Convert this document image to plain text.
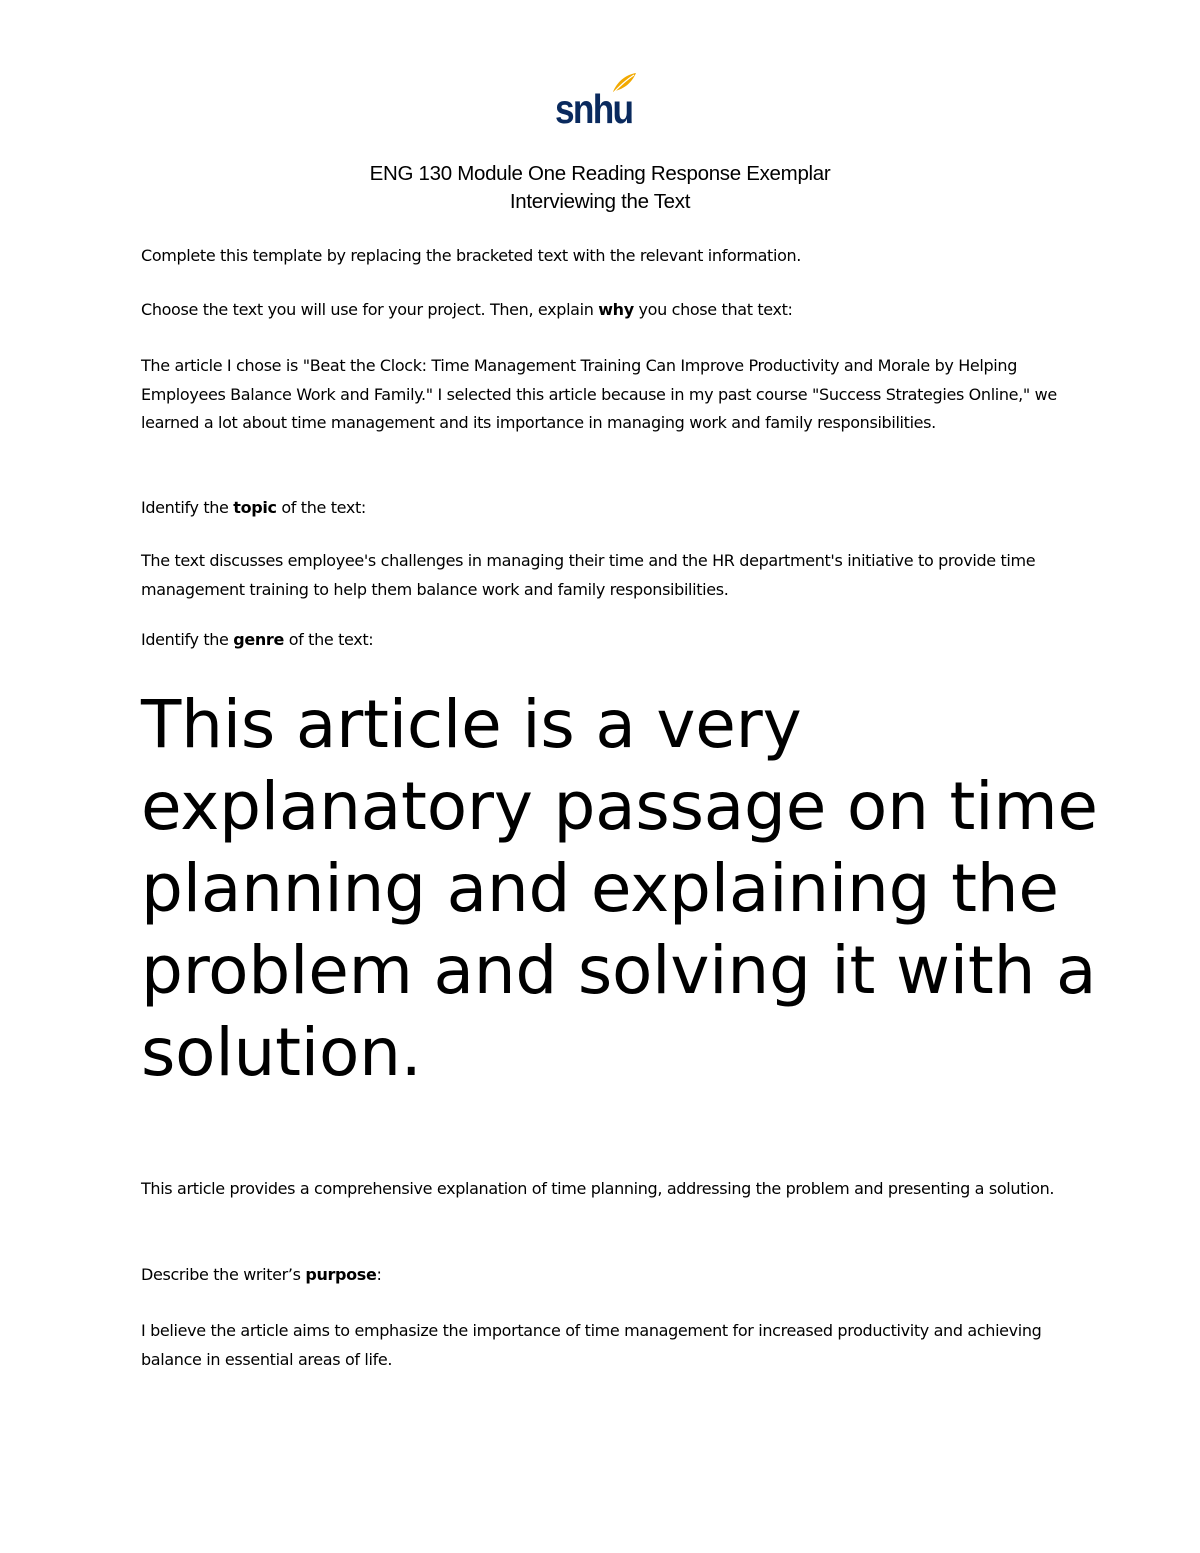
snhu
ENG 130 Module One Reading Response Exemplar
Interviewing the Text

Complete this template by replacing the bracketed text with the relevant information.

Choose the text you will use for your project. Then, explain why you chose that text:

The article I chose is "Beat the Clock: Time Management Training Can Improve Productivity and Morale by Helping Employees Balance Work and Family." I selected this article because in my past course "Success Strategies Online," we learned a lot about time management and its importance in managing work and family responsibilities.

Identify the topic of the text:

The text discusses employee's challenges in managing their time and the HR department's initiative to provide time management training to help them balance work and family responsibilities.

Identify the genre of the text:

This article is a very explanatory passage on time planning and explaining the problem and solving it with a solution.

This article provides a comprehensive explanation of time planning, addressing the problem and presenting a solution.

Describe the writer’s purpose:

I believe the article aims to emphasize the importance of time management for increased productivity and achieving balance in essential areas of life.
